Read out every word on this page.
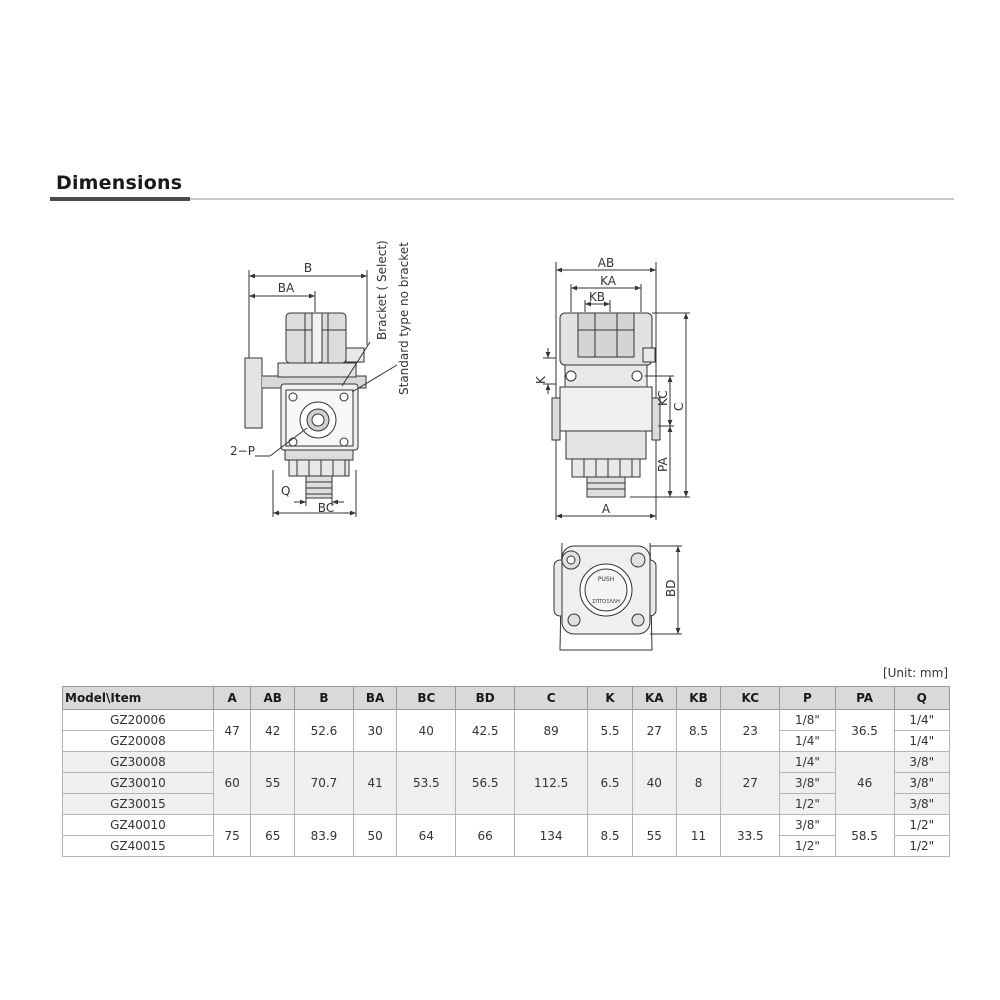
Dimensions
B
BA	Bracket ( Select) Standard type no bracket
2−P
Q
BC
AB
KA
KB
K
KC
C
PA
A
PUSH
ΣΠΤΟΞΛΛΗ
BD
[Unit: mm]
Model\Item	A	AB	B	BA	BC	BD	C	K	KA	KB	KC	P	PA	Q
GZ20006	47	42	52.6	30	40	42.5	89	5.5	27	8.5	23	1/8"	36.5	1/4"
GZ20008												1/4"		1/4"
GZ30008	60	55	70.7	41	53.5	56.5	112.5	6.5	40	8	27	1/4"	46	3/8"
GZ30010												3/8"		3/8"
GZ30015												1/2"		3/8"
GZ40010	75	65	83.9	50	64	66	134	8.5	55	11	33.5	3/8"	58.5	1/2"
GZ40015												1/2"		1/2"
